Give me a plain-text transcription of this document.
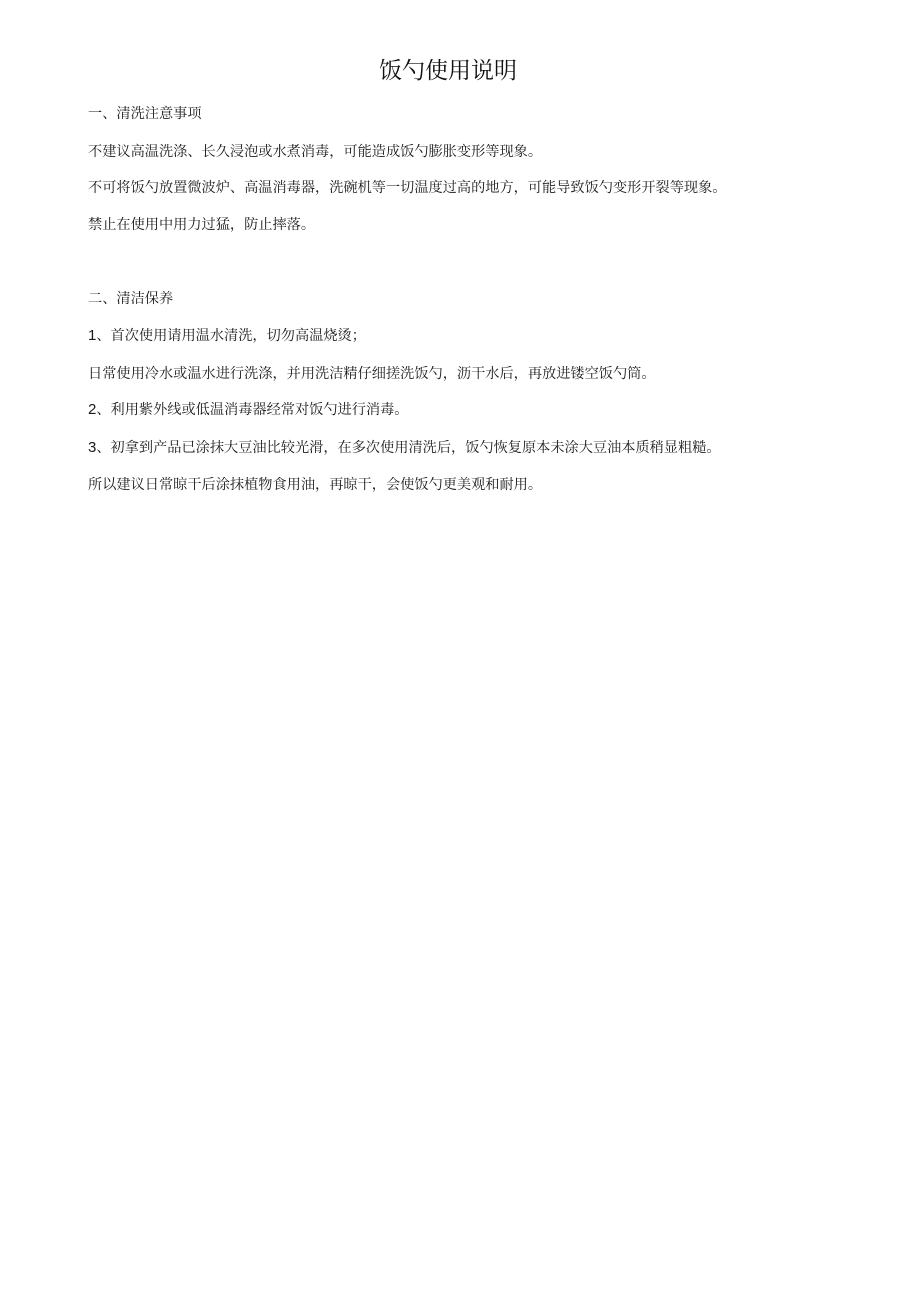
饭勺使用说明

一、清洗注意事项

不建议高温洗涤、长久浸泡或水煮消毒，可能造成饭勺膨胀变形等现象。

不可将饭勺放置微波炉、高温消毒器，洗碗机等一切温度过高的地方，可能导致饭勺变形开裂等现象。

禁止在使用中用力过猛，防止摔落。

二、清洁保养

1、首次使用请用温水清洗，切勿高温烧烫；

日常使用冷水或温水进行洗涤，并用洗洁精仔细搓洗饭勺，沥干水后，再放进镂空饭勺筒。

2、利用紫外线或低温消毒器经常对饭勺进行消毒。

3、初拿到产品已涂抹大豆油比较光滑，在多次使用清洗后，饭勺恢复原本未涂大豆油本质稍显粗糙。

所以建议日常晾干后涂抹植物食用油，再晾干，会使饭勺更美观和耐用。
